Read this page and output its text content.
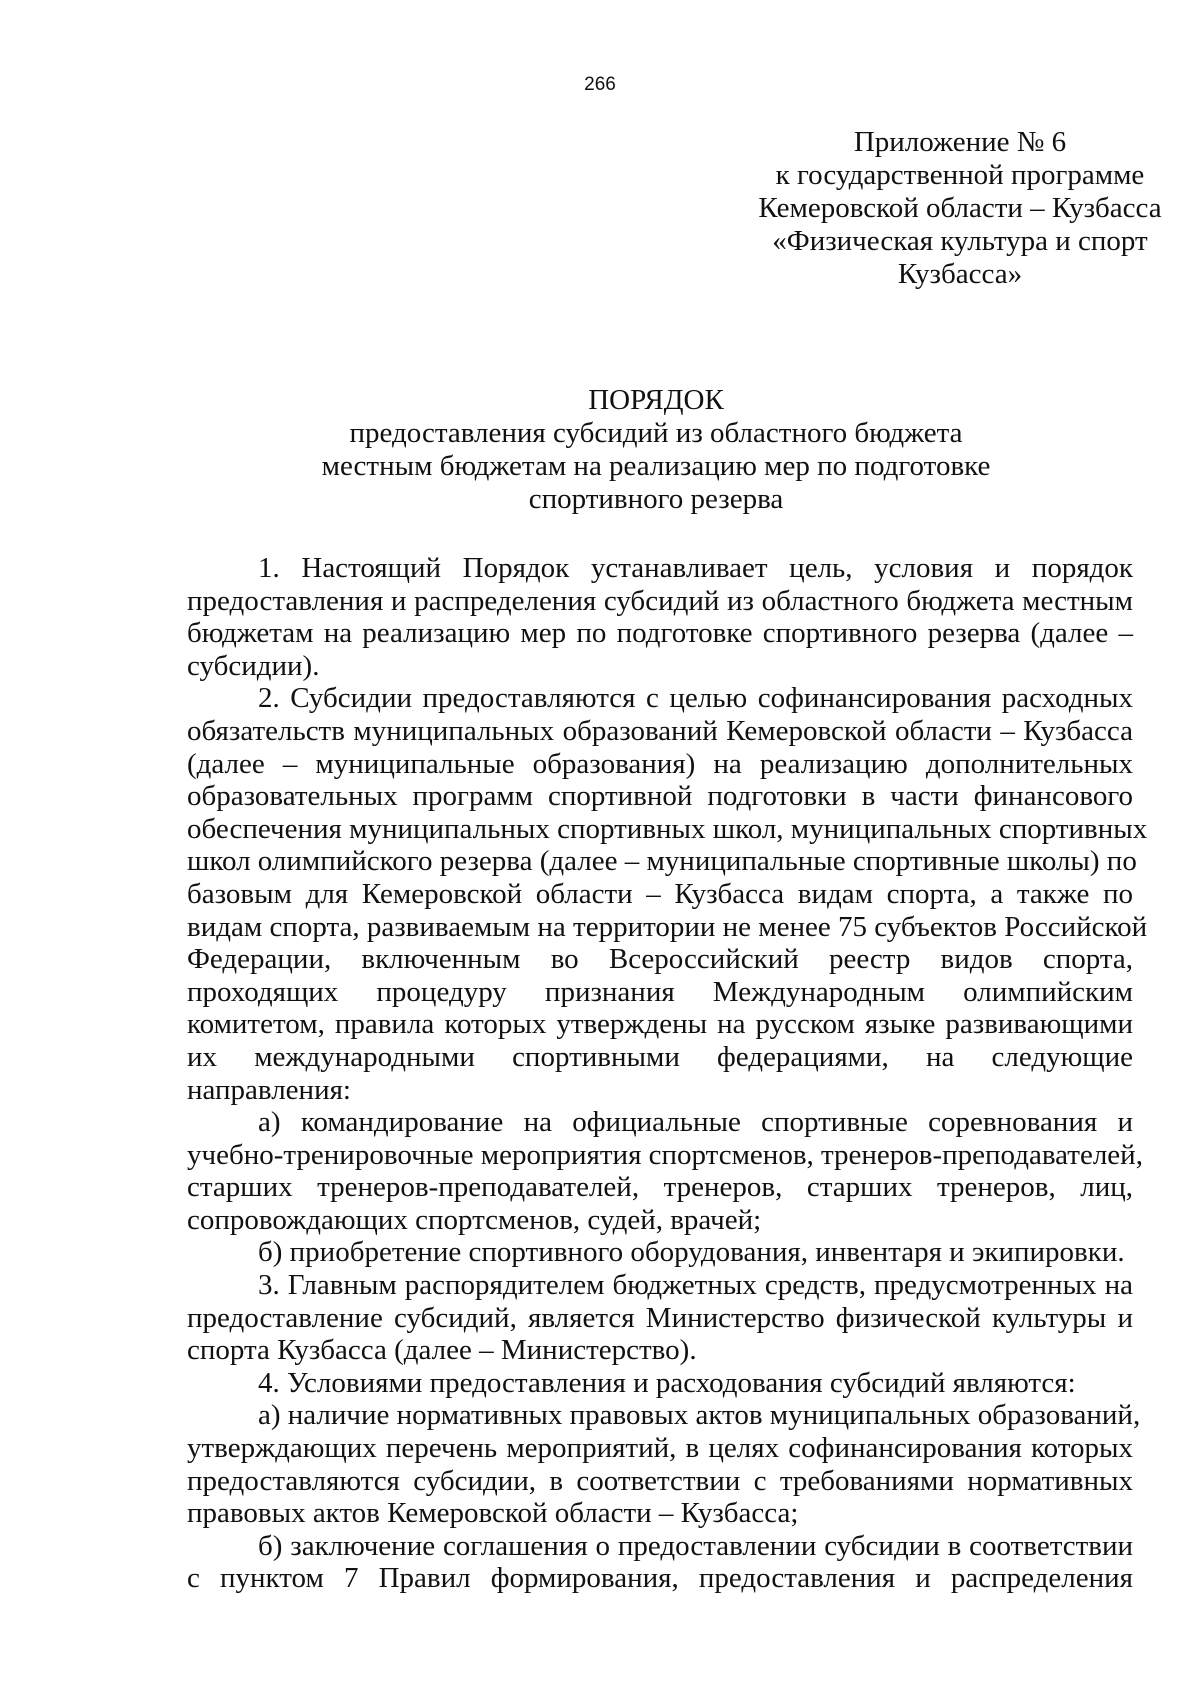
266
Приложение № 6
к государственной программе
Кемеровской области – Кузбасса
«Физическая культура и спорт
Кузбасса»
ПОРЯДОК
предоставления субсидий из областного бюджета
местным бюджетам на реализацию мер по подготовке
спортивного резерва
1. Настоящий Порядок устанавливает цель, условия и порядок
предоставления и распределения субсидий из областного бюджета местным
бюджетам на реализацию мер по подготовке спортивного резерва (далее –
субсидии).
2. Субсидии предоставляются с целью софинансирования расходных
обязательств муниципальных образований Кемеровской области – Кузбасса
(далее – муниципальные образования) на реализацию дополнительных
образовательных программ спортивной подготовки в части финансового
обеспечения муниципальных спортивных школ, муниципальных спортивных
школ олимпийского резерва (далее – муниципальные спортивные школы) по
базовым для Кемеровской области – Кузбасса видам спорта, а также по
видам спорта, развиваемым на территории не менее 75 субъектов Российской
Федерации, включенным во Всероссийский реестр видов спорта,
проходящих процедуру признания Международным олимпийским
комитетом, правила которых утверждены на русском языке развивающими
их международными спортивными федерациями, на следующие
направления:
а) командирование на официальные спортивные соревнования и
учебно-тренировочные мероприятия спортсменов, тренеров-преподавателей,
старших тренеров-преподавателей, тренеров, старших тренеров, лиц,
сопровождающих спортсменов, судей, врачей;
б) приобретение спортивного оборудования, инвентаря и экипировки.
3. Главным распорядителем бюджетных средств, предусмотренных на
предоставление субсидий, является Министерство физической культуры и
спорта Кузбасса (далее – Министерство).
4. Условиями предоставления и расходования субсидий являются:
а) наличие нормативных правовых актов муниципальных образований,
утверждающих перечень мероприятий, в целях софинансирования которых
предоставляются субсидии, в соответствии с требованиями нормативных
правовых актов Кемеровской области – Кузбасса;
б) заключение соглашения о предоставлении субсидии в соответствии
с пунктом 7 Правил формирования, предоставления и распределения
